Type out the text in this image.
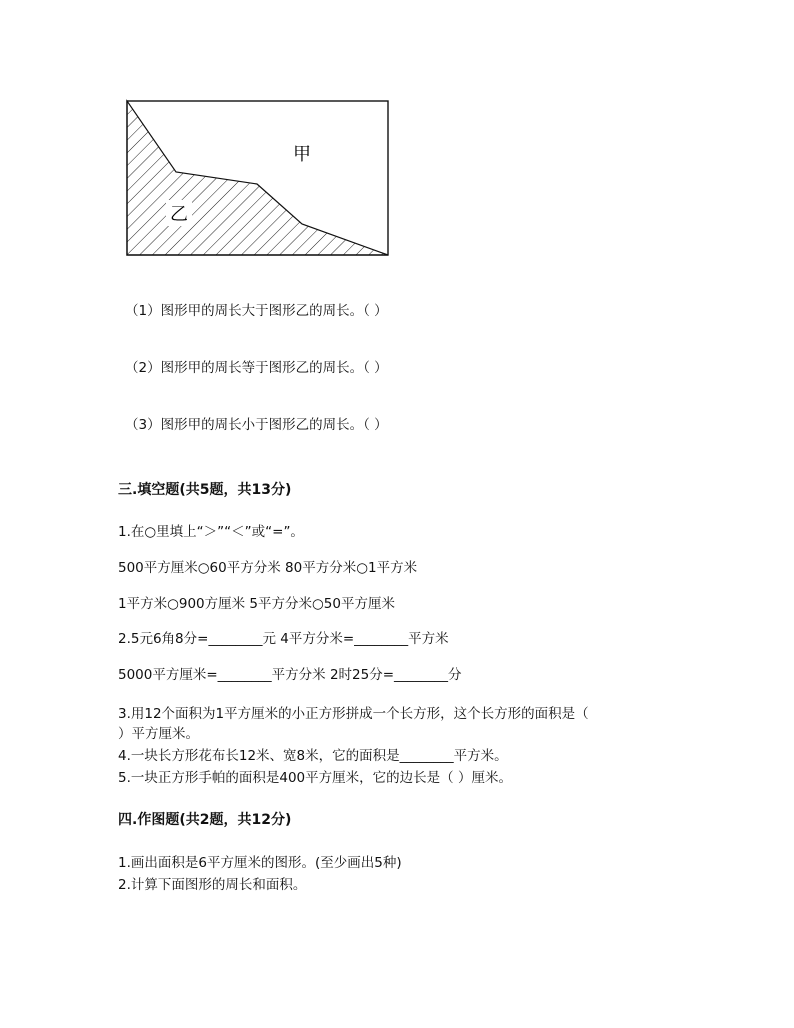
甲
乙
（1）图形甲的周长大于图形乙的周长。（ ）
（2）图形甲的周长等于图形乙的周长。（ ）
（3）图形甲的周长小于图形乙的周长。（ ）
三.填空题(共5题，共13分)
1.在○里填上“＞”“＜”或“=”。
500平方厘米○60平方分米 80平方分米○1平方米
1平方米○900方厘米 5平方分米○50平方厘米
2.5元6角8分=________元 4平方分米=________平方米
5000平方厘米=________平方分米 2时25分=________分
3.用12个面积为1平方厘米的小正方形拼成一个长方形，这个长方形的面积是（
）平方厘米。
4.一块长方形花布长12米、宽8米，它的面积是________平方米。
5.一块正方形手帕的面积是400平方厘米，它的边长是（ ）厘米。
四.作图题(共2题，共12分)
1.画出面积是6平方厘米的图形。(至少画出5种)
2.计算下面图形的周长和面积。
